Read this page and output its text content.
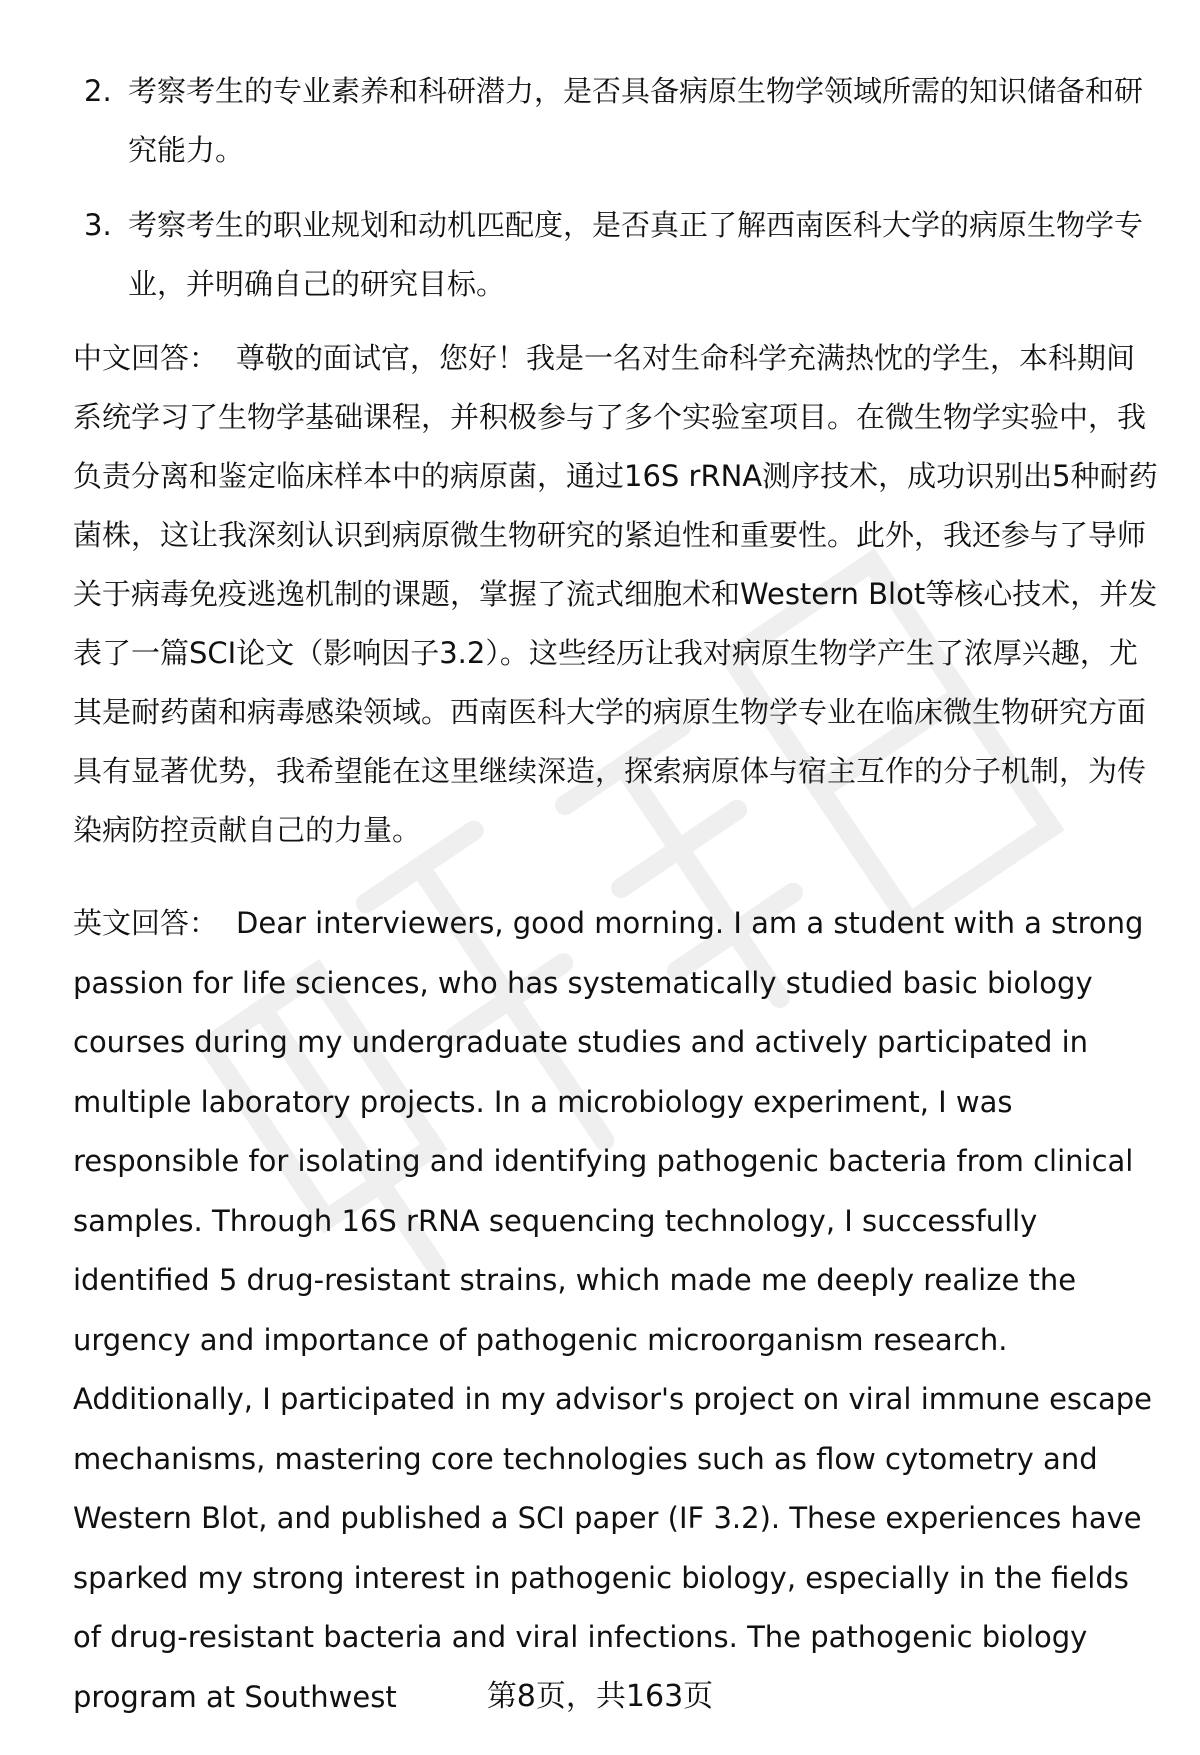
2. 考察考生的专业素养和科研潜力，是否具备病原生物学领域所需的知识储备和研究能力。
3. 考察考生的职业规划和动机匹配度，是否真正了解西南医科大学的病原生物学专业，并明确自己的研究目标。
中文回答： 尊敬的面试官，您好！我是一名对生命科学充满热忱的学生，本科期间系统学习了生物学基础课程，并积极参与了多个实验室项目。在微生物学实验中，我负责分离和鉴定临床样本中的病原菌，通过16S rRNA测序技术，成功识别出5种耐药菌株，这让我深刻认识到病原微生物研究的紧迫性和重要性。此外，我还参与了导师关于病毒免疫逃逸机制的课题，掌握了流式细胞术和Western Blot等核心技术，并发表了一篇SCI论文（影响因子3.2）。这些经历让我对病原生物学产生了浓厚兴趣，尤其是耐药菌和病毒感染领域。西南医科大学的病原生物学专业在临床微生物研究方面具有显著优势，我希望能在这里继续深造，探索病原体与宿主互作的分子机制，为传染病防控贡献自己的力量。
英文回答： Dear interviewers, good morning. I am a student with a strong passion for life sciences, who has systematically studied basic biology courses during my undergraduate studies and actively participated in multiple laboratory projects. In a microbiology experiment, I was responsible for isolating and identifying pathogenic bacteria from clinical samples. Through 16S rRNA sequencing technology, I successfully identified 5 drug-resistant strains, which made me deeply realize the urgency and importance of pathogenic microorganism research. Additionally, I participated in my advisor's project on viral immune escape mechanisms, mastering core technologies such as flow cytometry and Western Blot, and published a SCI paper (IF 3.2). These experiences have sparked my strong interest in pathogenic biology, especially in the fields of drug-resistant bacteria and viral infections. The pathogenic biology program at Southwest	第8页，共163页
